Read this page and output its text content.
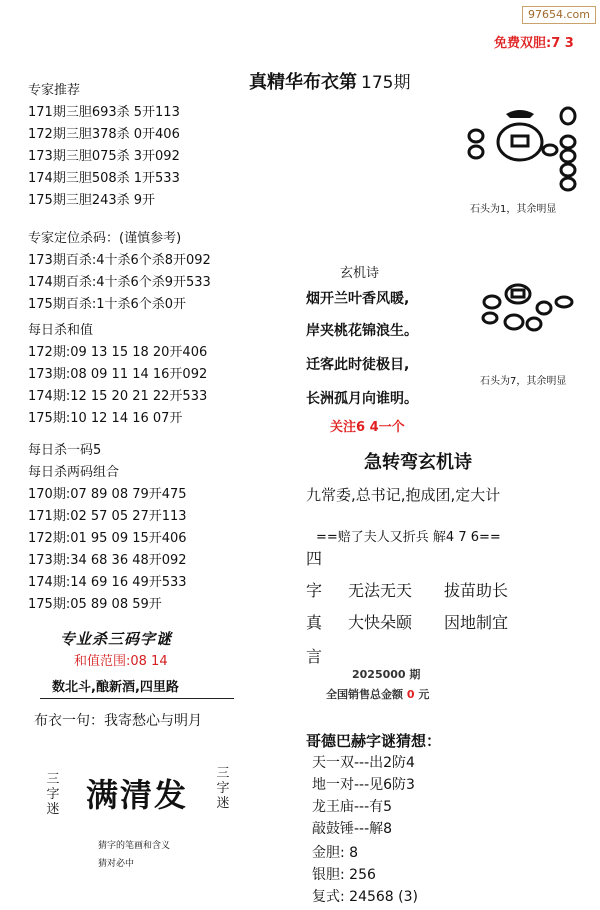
97654.com
免费双胆:7 3
真精华布衣第 175期
专家推荐
171期三胆693杀 5开113
172期三胆378杀 0开406
173期三胆075杀 3开092
174期三胆508杀 1开533
175期三胆243杀 9开
专家定位杀码：(谨慎参考)
173期百杀:4十杀6个杀8开092
174期百杀:4十杀6个杀9开533
175期百杀:1十杀6个杀0开
每日杀和值
172期:09 13 15 18 20开406
173期:08 09 11 14 16开092
174期:12 15 20 21 22开533
175期:10 12 14 16 07开
每日杀一码5
每日杀两码组合
170期:07 89 08 79开475
171期:02 57 05 27开113
172期:01 95 09 15开406
173期:34 68 36 48开092
174期:14 69 16 49开533
175期:05 89 08 59开
专业杀三码字谜
和值范围:08 14
数北斗,酿新酒,四里路
布衣一句：我寄愁心与明月
三字迷 满清发
三字迷
猜字的笔画和含义
猜对必中
石头为1，其余明显
玄机诗
烟开兰叶香风暖,
岸夹桃花锦浪生。
迁客此时徒极目,
长洲孤月向谁明。
关注6 4一个
石头为7，其余明显
急转弯玄机诗
九常委,总书记,抱成团,定大计
==赔了夫人又折兵 解4 7 6==
四
字
真
言
无法无天 拔苗助长
大快朵颐 因地制宜
2025000 期
全国销售总金额 0 元
哥德巴赫字谜猜想：
天一双---出2防4
地一对---见6防3
龙王庙---有5
敲鼓锤---解8
金胆: 8
银胆: 256
复式: 24568 (3)
